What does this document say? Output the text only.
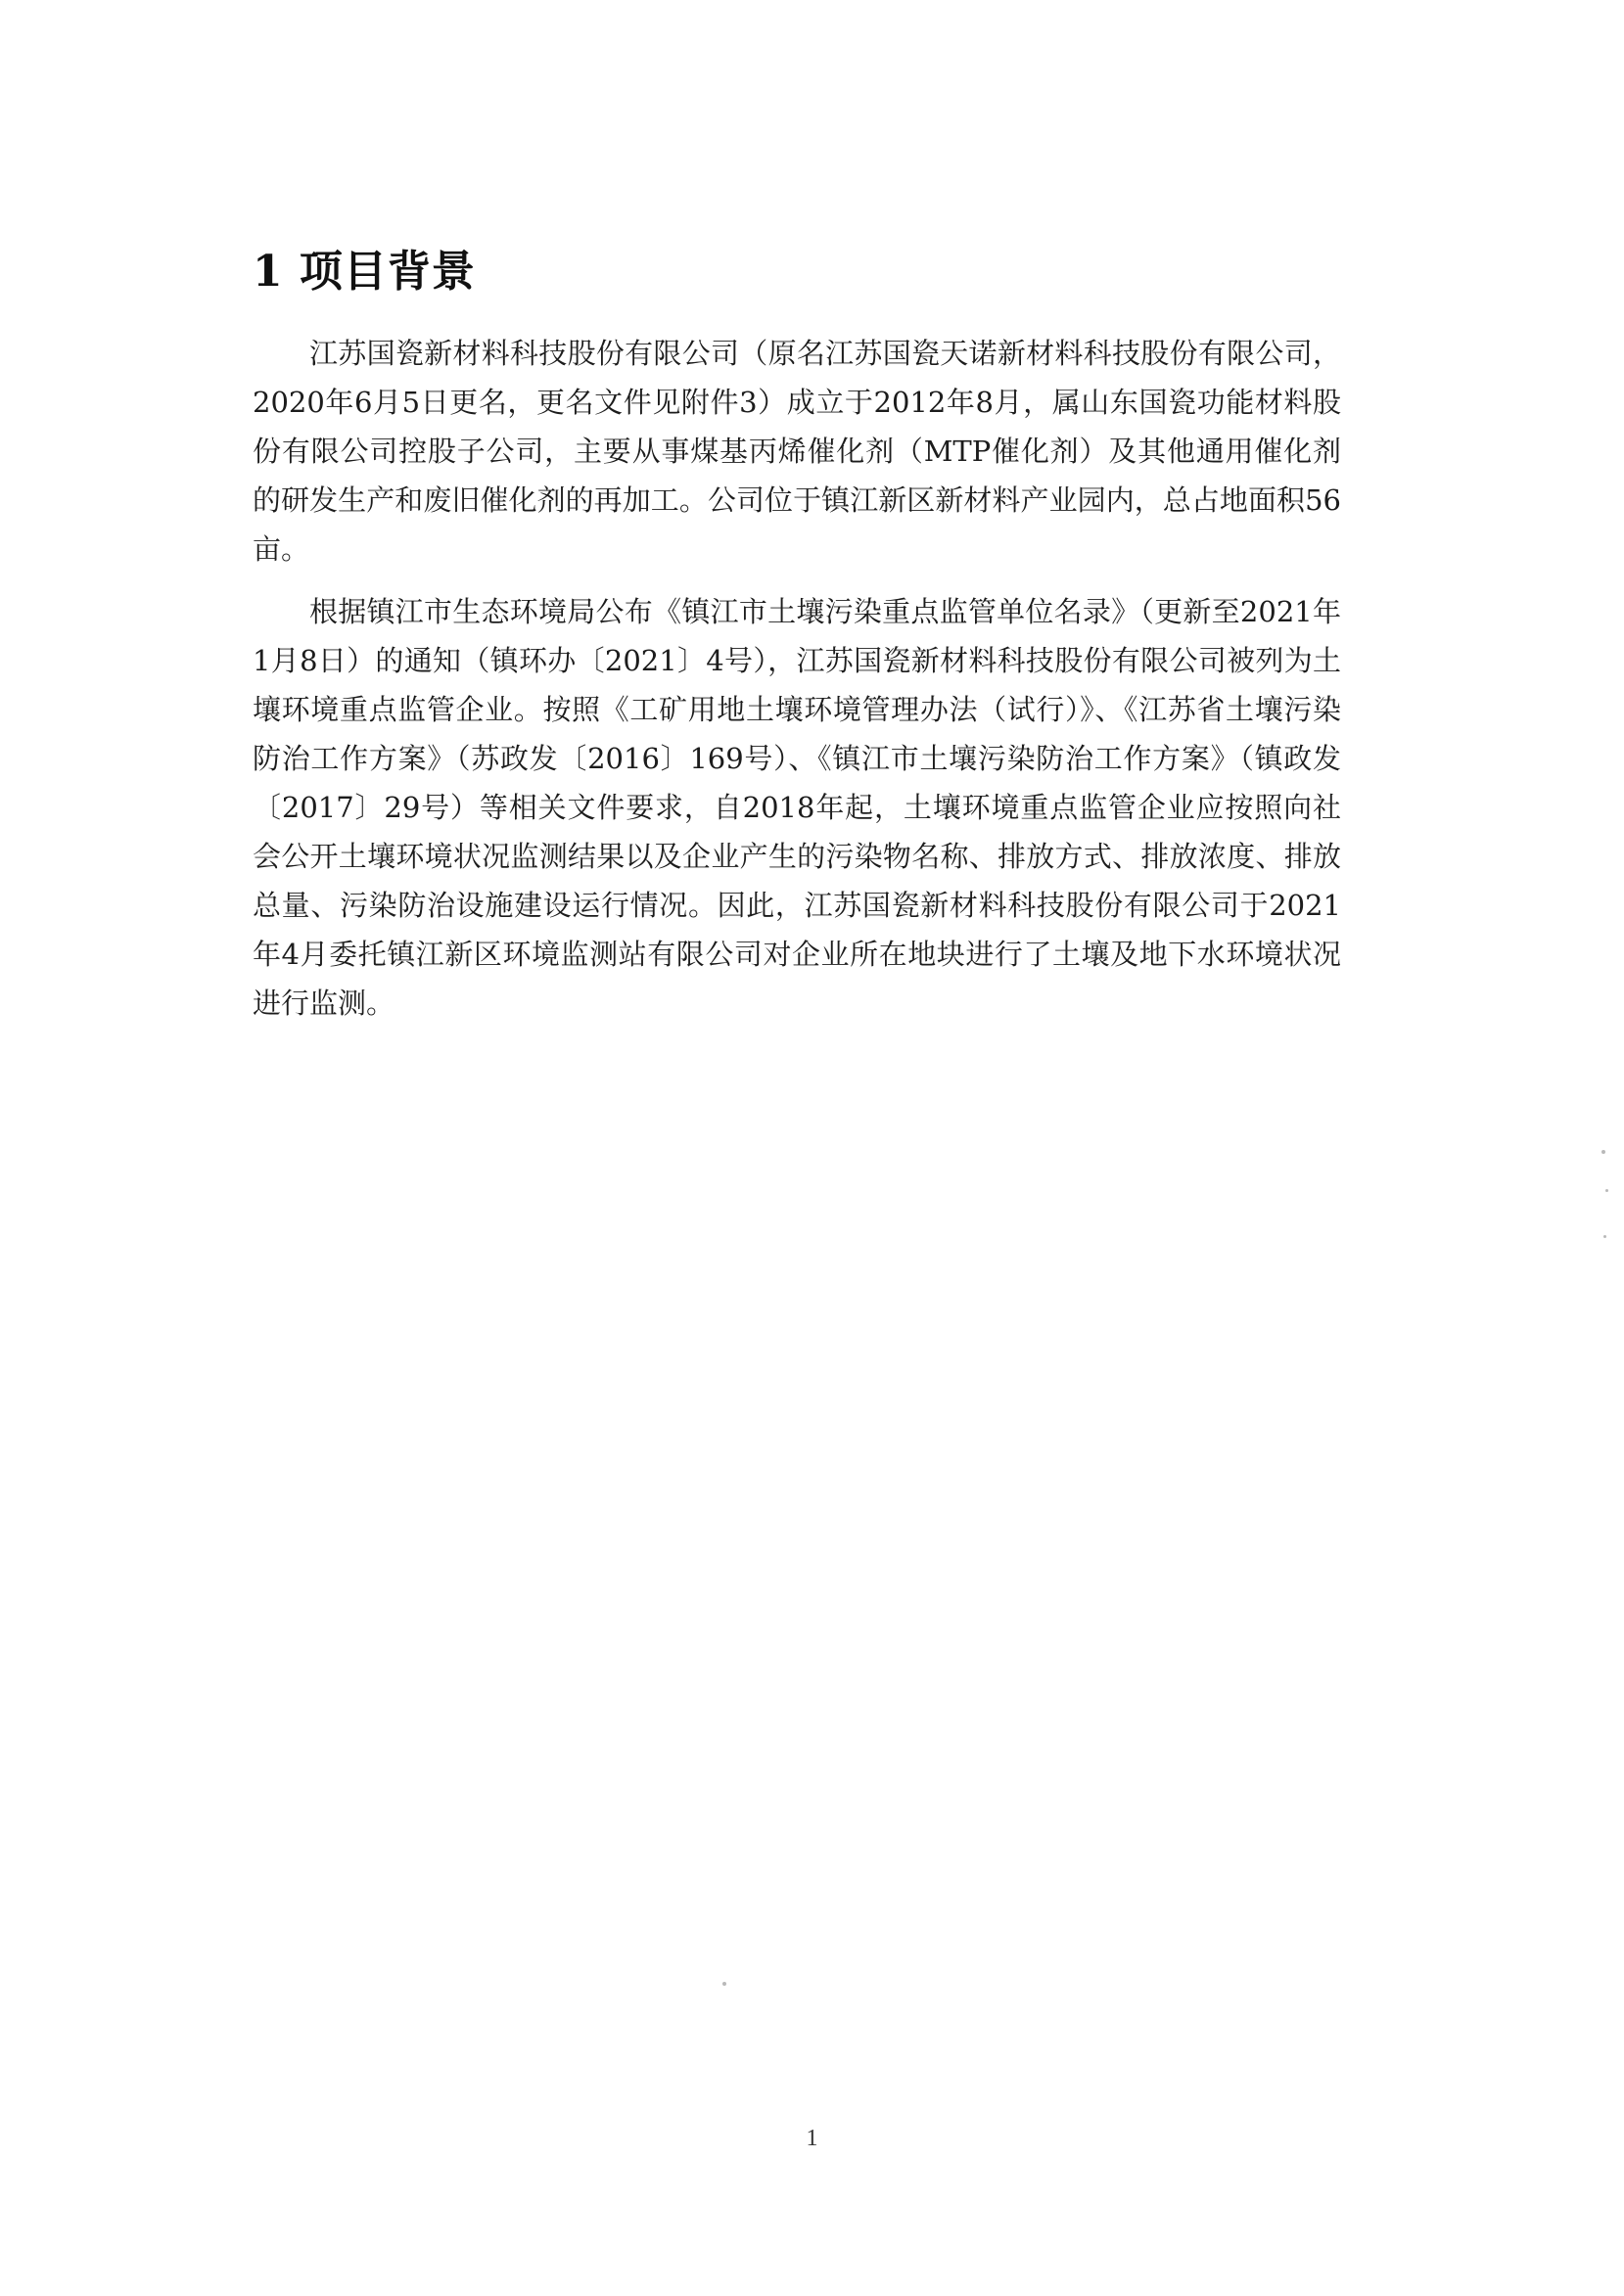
1 项目背景

江苏国瓷新材料科技股份有限公司（原名江苏国瓷天诺新材料科技股份有限公司，2020年6月5日更名，更名文件见附件3）成立于2012年8月，属山东国瓷功能材料股份有限公司控股子公司，主要从事煤基丙烯催化剂（MTP催化剂）及其他通用催化剂的研发生产和废旧催化剂的再加工。公司位于镇江新区新材料产业园内，总占地面积56亩。

根据镇江市生态环境局公布《镇江市土壤污染重点监管单位名录》（更新至2021年1月8日）的通知（镇环办〔2021〕4号），江苏国瓷新材料科技股份有限公司被列为土壤环境重点监管企业。按照《工矿用地土壤环境管理办法（试行）》、《江苏省土壤污染防治工作方案》（苏政发〔2016〕169号）、《镇江市土壤污染防治工作方案》（镇政发〔2017〕29号）等相关文件要求，自2018年起，土壤环境重点监管企业应按照向社会公开土壤环境状况监测结果以及企业产生的污染物名称、排放方式、排放浓度、排放总量、污染防治设施建设运行情况。因此，江苏国瓷新材料科技股份有限公司于2021年4月委托镇江新区环境监测站有限公司对企业所在地块进行了土壤及地下水环境状况进行监测。

1
